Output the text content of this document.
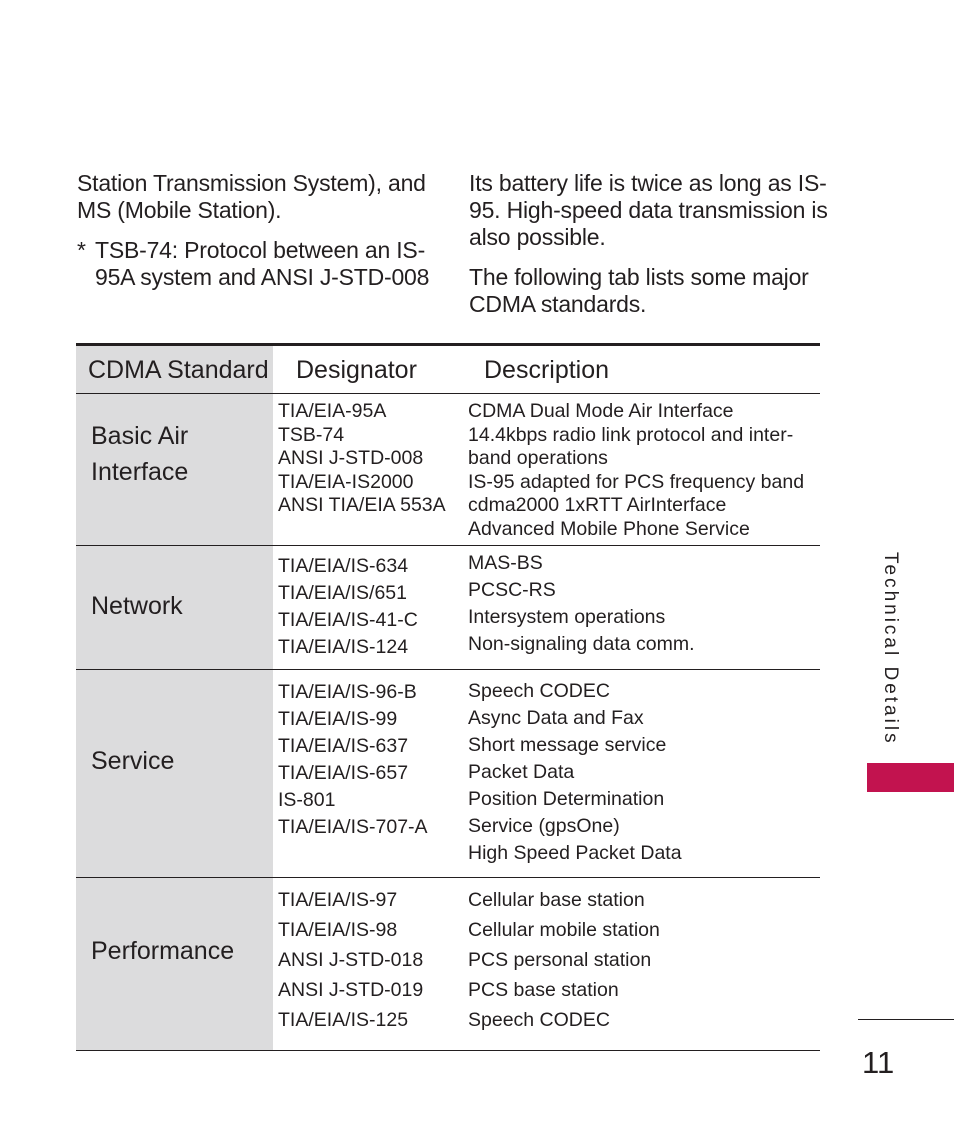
Station Transmission System), and MS (Mobile Station).

* TSB-74: Protocol between an IS-95A system and ANSI J-STD-008

Its battery life is twice as long as IS-95. High-speed data transmission is also possible.

The following tab lists some major CDMA standards.

CDMA Standard Designator	Description
Basic Air
Interface
TIA/EIA-95A
TSB-74
ANSI J-STD-008
TIA/EIA-IS2000
ANSI TIA/EIA 553A
CDMA Dual Mode Air Interface
14.4kbps radio link protocol and inter-
band operations
IS-95 adapted for PCS frequency band
cdma2000 1xRTT AirInterface
Advanced Mobile Phone Service
Network
TIA/EIA/IS-634
TIA/EIA/IS/651
TIA/EIA/IS-41-C
TIA/EIA/IS-124
MAS-BS
PCSC-RS
Intersystem operations
Non-signaling data comm.
Service
TIA/EIA/IS-96-B
TIA/EIA/IS-99
TIA/EIA/IS-637
TIA/EIA/IS-657
IS-801
TIA/EIA/IS-707-A
Speech CODEC
Async Data and Fax
Short message service
Packet Data
Position Determination
Service (gpsOne)
High Speed Packet Data
Performance
TIA/EIA/IS-97
TIA/EIA/IS-98
ANSI J-STD-018
ANSI J-STD-019
TIA/EIA/IS-125
Cellular base station
Cellular mobile station
PCS personal station
PCS base station
Speech CODEC
Technical Details
11
